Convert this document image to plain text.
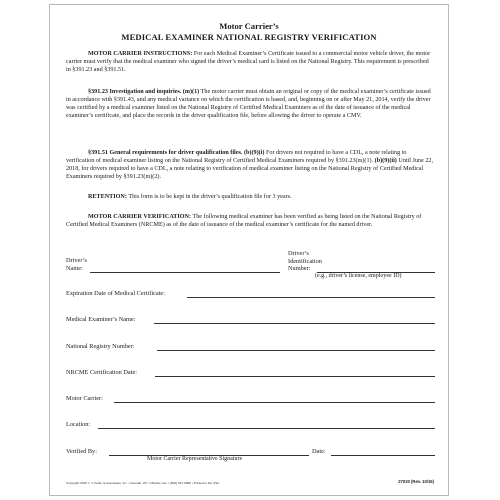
Motor Carrier’s
MEDICAL EXAMINER NATIONAL REGISTRY VERIFICATION
MOTOR CARRIER INSTRUCTIONS: For each Medical Examiner’s Certificate issued to a commercial motor vehicle driver, the motor carrier must verify that the medical examiner who signed the driver’s medical card is listed on the National Registry. This requirement is prescribed in §391.23 and §391.51.
§391.23 Investigation and inquiries. (m)(1) The motor carrier must obtain an original or copy of the medical examiner’s certificate issued in accordance with §391.43, and any medical variance on which the certification is based, and, beginning on or after May 21, 2014, verify the driver was certified by a medical examiner listed on the National Registry of Certified Medical Examiners as of the date of issuance of the medical examiner’s certificate, and place the records in the driver qualification file, before allowing the driver to operate a CMV.
§391.51 General requirements for driver qualification files. (b)(9)(i) For drivers not required to have a CDL, a note relating to verification of medical examiner listing on the National Registry of Certified Medical Examiners required by §391.23(m)(1). (b)(9)(ii) Until June 22, 2018, for drivers required to have a CDL, a note relating to verification of medical examiner listing on the National Registry of Certified Medical Examiners required by §391.23(m)(2).
RETENTION: This form is to be kept in the driver’s qualification file for 3 years.
MOTOR CARRIER VERIFICATION: The following medical examiner has been verified as being listed on the National Registry of Certified Medical Examiners (NRCME) as of the date of issuance of the medical examiner’s certificate for the named driver.
Driver’s
Name:
Driver’s
Identification
Number:
(e.g., driver’s license, employee ID)
Expiration Date of Medical Certificate:
Medical Examiner’s Name:
National Registry Number:
NRCME Certification Date:
Motor Carrier:
Location:
Verified By:
Motor Carrier Representative Signature
Date:
Copyright 2015 J. J. Keller & Associates, Inc. • Neenah, WI • JJKeller.com • (800) 327-6868 • Printed in the USA	27033 (Rev. 10/15)
